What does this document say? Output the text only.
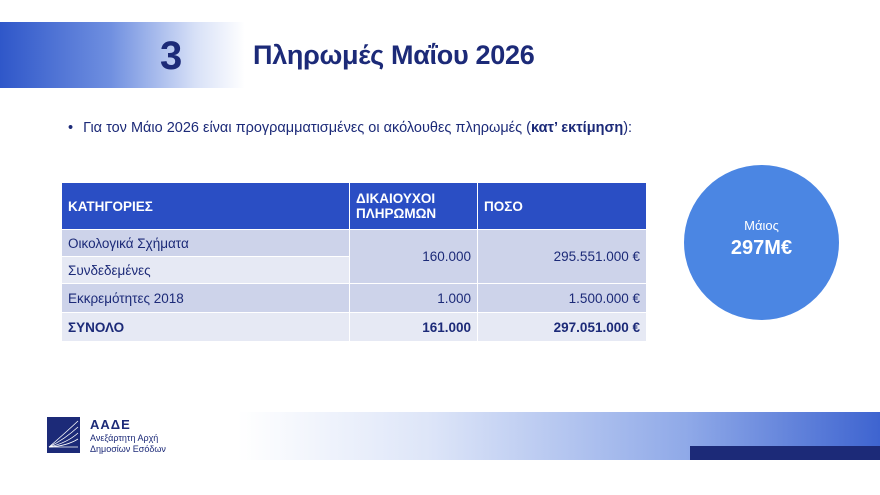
3	Πληρωμές Μαΐου 2026
• Για τον Μάιο 2026 είναι προγραμματισμένες οι ακόλουθες πληρωμές (κατ’ εκτίμηση):
ΚΑΤΗΓΟΡΙΕΣ	ΔΙΚΑΙΟΥΧΟΙ ΠΛΗΡΩΜΩΝ	ΠΟΣΟ
Οικολογικά Σχήματα	160.000	295.551.000 €
Συνδεδεμένες		
Εκκρεμότητες 2018	1.000	1.500.000 €
ΣΥΝΟΛΟ	161.000	297.051.000 €
Μάιος
297Μ€
ΑΑΔΕ
Ανεξάρτητη Αρχή
Δημοσίων Εσόδων
